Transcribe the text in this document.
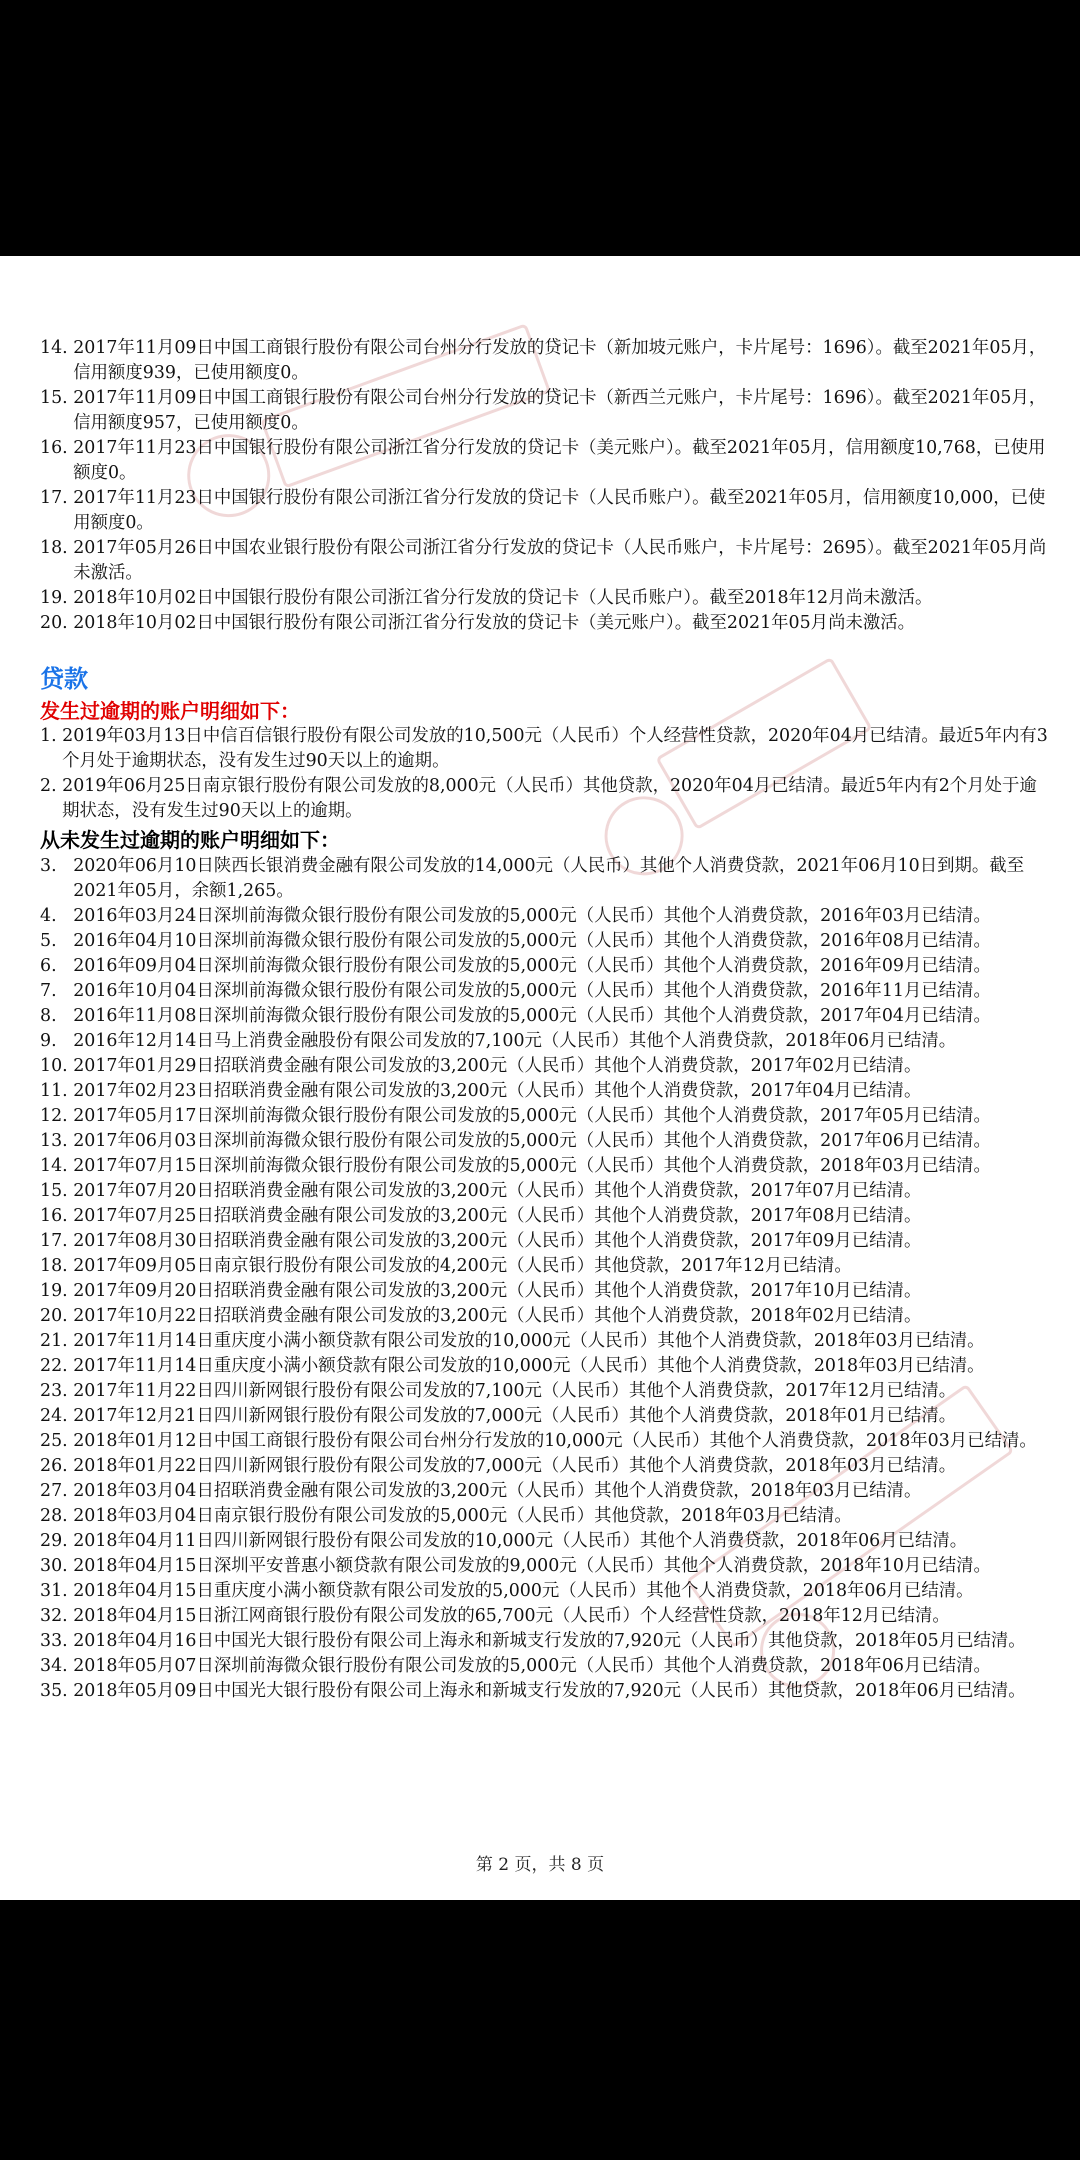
14. 2017年11月09日中国工商银行股份有限公司台州分行发放的贷记卡（新加坡元账户，卡片尾号：1696）。截至2021年05月，信用额度939，已使用额度0。
15. 2017年11月09日中国工商银行股份有限公司台州分行发放的贷记卡（新西兰元账户，卡片尾号：1696）。截至2021年05月，信用额度957，已使用额度0。
16. 2017年11月23日中国银行股份有限公司浙江省分行发放的贷记卡（美元账户）。截至2021年05月，信用额度10,768，已使用额度0。
17. 2017年11月23日中国银行股份有限公司浙江省分行发放的贷记卡（人民币账户）。截至2021年05月，信用额度10,000，已使用额度0。
18. 2017年05月26日中国农业银行股份有限公司浙江省分行发放的贷记卡（人民币账户，卡片尾号：2695）。截至2021年05月尚未激活。
19. 2018年10月02日中国银行股份有限公司浙江省分行发放的贷记卡（人民币账户）。截至2018年12月尚未激活。
20. 2018年10月02日中国银行股份有限公司浙江省分行发放的贷记卡（美元账户）。截至2021年05月尚未激活。
贷款
发生过逾期的账户明细如下：
1. 2019年03月13日中信百信银行股份有限公司发放的10,500元（人民币）个人经营性贷款，2020年04月已结清。最近5年内有3个月处于逾期状态，没有发生过90天以上的逾期。
2. 2019年06月25日南京银行股份有限公司发放的8,000元（人民币）其他贷款，2020年04月已结清。最近5年内有2个月处于逾期状态，没有发生过90天以上的逾期。
从未发生过逾期的账户明细如下：
3. 2020年06月10日陕西长银消费金融有限公司发放的14,000元（人民币）其他个人消费贷款，2021年06月10日到期。截至2021年05月，余额1,265。
4. 2016年03月24日深圳前海微众银行股份有限公司发放的5,000元（人民币）其他个人消费贷款，2016年03月已结清。
5. 2016年04月10日深圳前海微众银行股份有限公司发放的5,000元（人民币）其他个人消费贷款，2016年08月已结清。
6. 2016年09月04日深圳前海微众银行股份有限公司发放的5,000元（人民币）其他个人消费贷款，2016年09月已结清。
7. 2016年10月04日深圳前海微众银行股份有限公司发放的5,000元（人民币）其他个人消费贷款，2016年11月已结清。
8. 2016年11月08日深圳前海微众银行股份有限公司发放的5,000元（人民币）其他个人消费贷款，2017年04月已结清。
9. 2016年12月14日马上消费金融股份有限公司发放的7,100元（人民币）其他个人消费贷款，2018年06月已结清。
10. 2017年01月29日招联消费金融有限公司发放的3,200元（人民币）其他个人消费贷款，2017年02月已结清。
11. 2017年02月23日招联消费金融有限公司发放的3,200元（人民币）其他个人消费贷款，2017年04月已结清。
12. 2017年05月17日深圳前海微众银行股份有限公司发放的5,000元（人民币）其他个人消费贷款，2017年05月已结清。
13. 2017年06月03日深圳前海微众银行股份有限公司发放的5,000元（人民币）其他个人消费贷款，2017年06月已结清。
14. 2017年07月15日深圳前海微众银行股份有限公司发放的5,000元（人民币）其他个人消费贷款，2018年03月已结清。
15. 2017年07月20日招联消费金融有限公司发放的3,200元（人民币）其他个人消费贷款，2017年07月已结清。
16. 2017年07月25日招联消费金融有限公司发放的3,200元（人民币）其他个人消费贷款，2017年08月已结清。
17. 2017年08月30日招联消费金融有限公司发放的3,200元（人民币）其他个人消费贷款，2017年09月已结清。
18. 2017年09月05日南京银行股份有限公司发放的4,200元（人民币）其他贷款，2017年12月已结清。
19. 2017年09月20日招联消费金融有限公司发放的3,200元（人民币）其他个人消费贷款，2017年10月已结清。
20. 2017年10月22日招联消费金融有限公司发放的3,200元（人民币）其他个人消费贷款，2018年02月已结清。
21. 2017年11月14日重庆度小满小额贷款有限公司发放的10,000元（人民币）其他个人消费贷款，2018年03月已结清。
22. 2017年11月14日重庆度小满小额贷款有限公司发放的10,000元（人民币）其他个人消费贷款，2018年03月已结清。
23. 2017年11月22日四川新网银行股份有限公司发放的7,100元（人民币）其他个人消费贷款，2017年12月已结清。
24. 2017年12月21日四川新网银行股份有限公司发放的7,000元（人民币）其他个人消费贷款，2018年01月已结清。
25. 2018年01月12日中国工商银行股份有限公司台州分行发放的10,000元（人民币）其他个人消费贷款，2018年03月已结清。
26. 2018年01月22日四川新网银行股份有限公司发放的7,000元（人民币）其他个人消费贷款，2018年03月已结清。
27. 2018年03月04日招联消费金融有限公司发放的3,200元（人民币）其他个人消费贷款，2018年03月已结清。
28. 2018年03月04日南京银行股份有限公司发放的5,000元（人民币）其他贷款，2018年03月已结清。
29. 2018年04月11日四川新网银行股份有限公司发放的10,000元（人民币）其他个人消费贷款，2018年06月已结清。
30. 2018年04月15日深圳平安普惠小额贷款有限公司发放的9,000元（人民币）其他个人消费贷款，2018年10月已结清。
31. 2018年04月15日重庆度小满小额贷款有限公司发放的5,000元（人民币）其他个人消费贷款，2018年06月已结清。
32. 2018年04月15日浙江网商银行股份有限公司发放的65,700元（人民币）个人经营性贷款，2018年12月已结清。
33. 2018年04月16日中国光大银行股份有限公司上海永和新城支行发放的7,920元（人民币）其他贷款，2018年05月已结清。
34. 2018年05月07日深圳前海微众银行股份有限公司发放的5,000元（人民币）其他个人消费贷款，2018年06月已结清。
35. 2018年05月09日中国光大银行股份有限公司上海永和新城支行发放的7,920元（人民币）其他贷款，2018年06月已结清。
第 2 页，共 8 页
